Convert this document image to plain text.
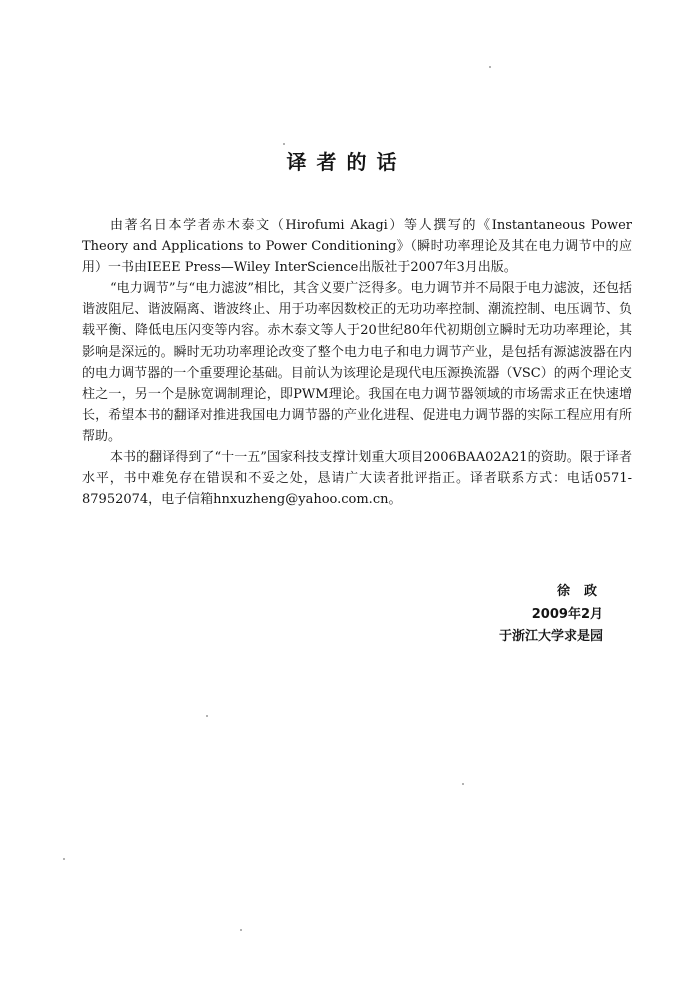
译者的话

由著名日本学者赤木泰文（Hirofumi Akagi）等人撰写的《Instantaneous Power Theory and Applications to Power Conditioning》（瞬时功率理论及其在电力调节中的应用）一书由IEEE Press—Wiley InterScience出版社于2007年3月出版。

“电力调节”与“电力滤波”相比，其含义要广泛得多。电力调节并不局限于电力滤波，还包括谐波阻尼、谐波隔离、谐波终止、用于功率因数校正的无功功率控制、潮流控制、电压调节、负载平衡、降低电压闪变等内容。赤木泰文等人于20世纪80年代初期创立瞬时无功功率理论，其影响是深远的。瞬时无功功率理论改变了整个电力电子和电力调节产业，是包括有源滤波器在内的电力调节器的一个重要理论基础。目前认为该理论是现代电压源换流器（VSC）的两个理论支柱之一，另一个是脉宽调制理论，即PWM理论。我国在电力调节器领域的市场需求正在快速增长，希望本书的翻译对推进我国电力调节器的产业化进程、促进电力调节器的实际工程应用有所帮助。

本书的翻译得到了“十一五”国家科技支撑计划重大项目2006BAA02A21的资助。限于译者水平，书中难免存在错误和不妥之处，恳请广大读者批评指正。译者联系方式：电话0571-87952074，电子信箱hnxuzheng@yahoo.com.cn。

徐政
2009年2月
于浙江大学求是园
